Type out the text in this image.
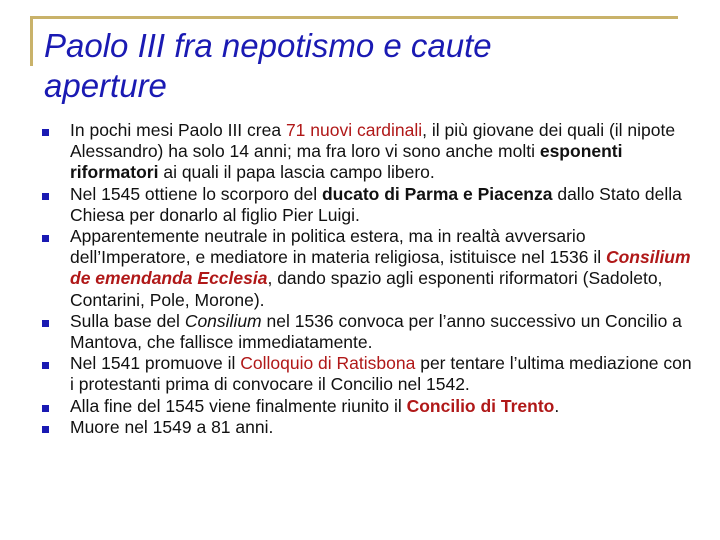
Paolo III fra nepotismo e caute
aperture
In pochi mesi Paolo III crea 71 nuovi cardinali, il più giovane dei quali (il nipote Alessandro) ha solo 14 anni; ma fra loro vi sono anche molti esponenti riformatori ai quali il papa lascia campo libero.
Nel 1545 ottiene lo scorporo del ducato di Parma e Piacenza dallo Stato della Chiesa per donarlo al figlio Pier Luigi.
Apparentemente neutrale in politica estera, ma in realtà avversario dell’Imperatore, e mediatore in materia religiosa, istituisce nel 1536 il Consilium de emendanda Ecclesia, dando spazio agli esponenti riformatori (Sadoleto, Contarini, Pole, Morone).
Sulla base del Consilium nel 1536 convoca per l’anno successivo un Concilio a Mantova, che fallisce immediatamente.
Nel 1541 promuove il Colloquio di Ratisbona per tentare l’ultima mediazione con i protestanti prima di convocare il Concilio nel 1542.
Alla fine del 1545 viene finalmente riunito il Concilio di Trento.
Muore nel 1549 a 81 anni.
